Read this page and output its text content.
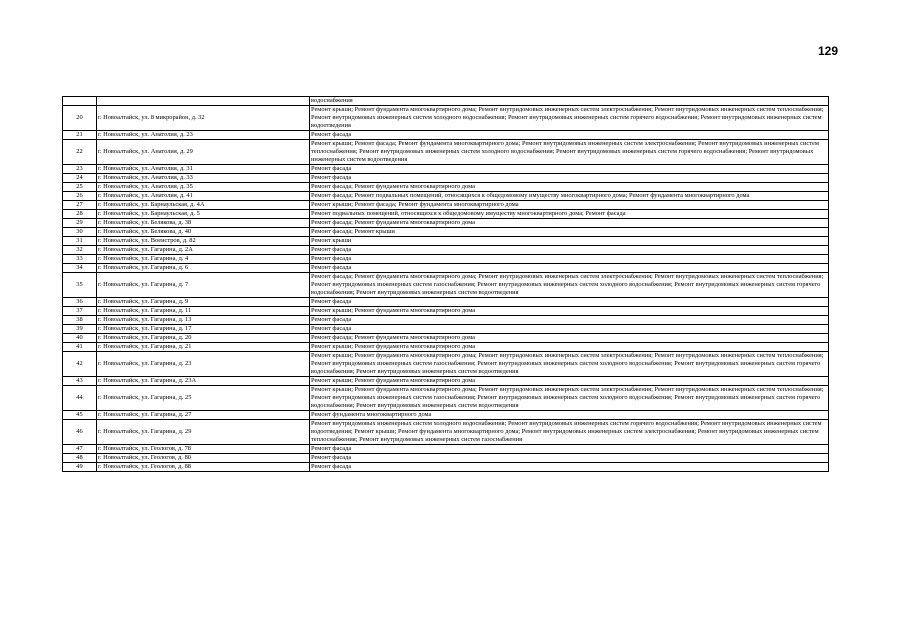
129
		водоснабжения
20	г. Новоалтайск, ул. 8 микрорайон, д. 32	Ремонт крыши; Ремонт фундамента многоквартирного дома; Ремонт внутридомовых инженерных систем электроснабжения; Ремонт внутридомовых инженерных систем теплоснабжения; Ремонт внутридомовых инженерных систем холодного водоснабжения; Ремонт внутридомовых инженерных систем горячего водоснабжения; Ремонт внутридомовых инженерных систем водоотведения
21	г. Новоалтайск, ул. Анатолия, д. 23	Ремонт фасада
22	г. Новоалтайск, ул. Анатолия, д. 29	Ремонт крыши; Ремонт фасада; Ремонт фундамента многоквартирного дома; Ремонт внутридомовых инженерных систем электроснабжения; Ремонт внутридомовых инженерных систем теплоснабжения; Ремонт внутридомовых инженерных систем холодного водоснабжения; Ремонт внутридомовых инженерных систем горячего водоснабжения; Ремонт внутридомовых инженерных систем водоотведения
23	г. Новоалтайск, ул. Анатолия, д. 31	Ремонт фасада
24	г. Новоалтайск, ул. Анатолия, д. 33	Ремонт фасада
25	г. Новоалтайск, ул. Анатолия, д. 35	Ремонт фасада; Ремонт фундамента многоквартирного дома
26	г. Новоалтайск, ул. Анатолия, д. 41	Ремонт фасада; Ремонт подвальных помещений, относящихся к общедомовому имуществу многоквартирного дома; Ремонт фундамента многоквартирного дома
27	г. Новоалтайск, ул. Барнаульская, д. 4А	Ремонт крыши; Ремонт фасада; Ремонт фундамента многоквартирного дома
28	г. Новоалтайск, ул. Барнаульская, д. 5	Ремонт подвальных помещений, относящихся к общедомовому имуществу многоквартирного дома; Ремонт фасада
29	г. Новоалтайск, ул. Белякова, д. 38	Ремонт фасада; Ремонт фундамента многоквартирного дома
30	г. Новоалтайск, ул. Белякова, д. 40	Ремонт фасада; Ремонт крыши
31	г. Новоалтайск, ул. Воеистров, д. 82	Ремонт крыши
32	г. Новоалтайск, ул. Гагарина, д. 2А	Ремонт фасада
33	г. Новоалтайск, ул. Гагарина, д. 4	Ремонт фасада
34	г. Новоалтайск, ул. Гагарина, д. 6	Ремонт фасада
35	г. Новоалтайск, ул. Гагарина, д. 7	Ремонт фасада; Ремонт фундамента многоквартирного дома; Ремонт внутридомовых инженерных систем электроснабжения; Ремонт внутридомовых инженерных систем теплоснабжения; Ремонт внутридомовых инженерных систем газоснабжения; Ремонт внутридомовых инженерных систем холодного водоснабжения; Ремонт внутридомовых инженерных систем горячего водоснабжения; Ремонт внутридомовых инженерных систем водоотведения
36	г. Новоалтайск, ул. Гагарина, д. 9	Ремонт фасада
37	г. Новоалтайск, ул. Гагарина, д. 11	Ремонт крыши; Ремонт фундамента многоквартирного дома
38	г. Новоалтайск, ул. Гагарина, д. 13	Ремонт фасада
39	г. Новоалтайск, ул. Гагарина, д. 17	Ремонт фасада
40	г. Новоалтайск, ул. Гагарина, д. 20	Ремонт фасада; Ремонт фундамента многоквартирного дома
41	г. Новоалтайск, ул. Гагарина, д. 21	Ремонт крыши; Ремонт фундамента многоквартирного дома
42	г. Новоалтайск, ул. Гагарина, д. 23	Ремонт крыши; Ремонт фундамента многоквартирного дома; Ремонт внутридомовых инженерных систем электроснабжения; Ремонт внутридомовых инженерных систем теплоснабжения; Ремонт внутридомовых инженерных систем газоснабжения; Ремонт внутридомовых инженерных систем холодного водоснабжения; Ремонт внутридомовых инженерных систем горячего водоснабжения; Ремонт внутридомовых инженерных систем водоотведения
43	г. Новоалтайск, ул. Гагарина, д. 23А	Ремонт крыши; Ремонт фундамента многоквартирного дома
44	г. Новоалтайск, ул. Гагарина, д. 25	Ремонт крыши; Ремонт фундамента многоквартирного дома; Ремонт внутридомовых инженерных систем электроснабжения; Ремонт внутридомовых инженерных систем теплоснабжения; Ремонт внутридомовых инженерных систем газоснабжения; Ремонт внутридомовых инженерных систем холодного водоснабжения; Ремонт внутридомовых инженерных систем горячего водоснабжения; Ремонт внутридомовых инженерных систем водоотведения
45	г. Новоалтайск, ул. Гагарина, д. 27	Ремонт фундамента многоквартирного дома
46	г. Новоалтайск, ул. Гагарина, д. 29	Ремонт внутридомовых инженерных систем холодного водоснабжения; Ремонт внутридомовых инженерных систем горячего водоснабжения; Ремонт внутридомовых инженерных систем водоотведения; Ремонт крыши; Ремонт фундамента многоквартирного дома; Ремонт внутридомовых инженерных систем электроснабжения; Ремонт внутридомовых инженерных систем теплоснабжения; Ремонт внутридомовых инженерных систем газоснабжения
47	г. Новоалтайск, ул. Геологов, д. 78	Ремонт фасада
48	г. Новоалтайск, ул. Геологов, д. 80	Ремонт фасада
49	г. Новоалтайск, ул. Геологов, д. 88	Ремонт фасада
